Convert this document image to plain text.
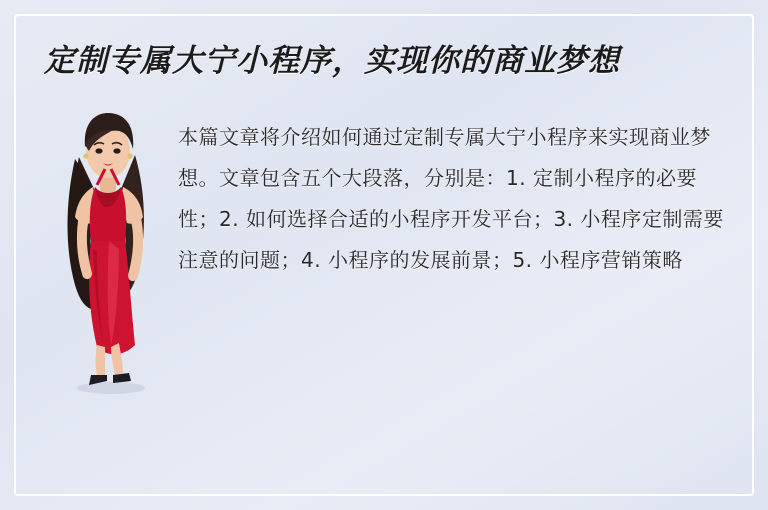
定制专属大宁小程序，实现你的商业梦想

本篇文章将介绍如何通过定制专属大宁小程序来实现商业梦想。文章包含五个大段落，分别是：1. 定制小程序的必要性；2. 如何选择合适的小程序开发平台；3. 小程序定制需要注意的问题；4. 小程序的发展前景；5. 小程序营销策略
